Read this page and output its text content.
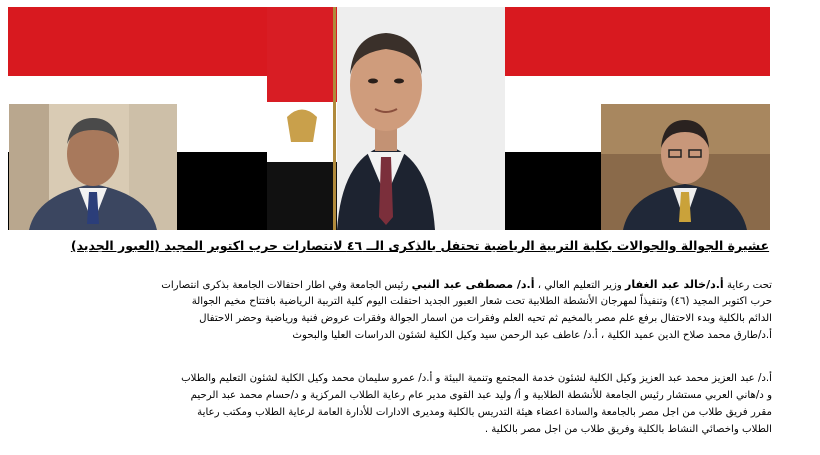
عشيرة الجوالة والجوالات بكلية التربية الرياضية تحتفل بالذكرى الــ ٤٦ لانتصارات حرب اكتوبر المجيد (العبور الجديد)
تحت رعاية أ.د/خالد عبد الغفار وزير التعليم العالي ، أ.د/ مصطفى عبد النبي رئيس الجامعة وفي اطار احتفالات الجامعة بذكرى انتصارات
حرب اكتوبر المجيد (٤٦) وتنفيذاً لمهرجان الأنشطة الطلابية تحت شعار العبور الجديد احتفلت اليوم كلية التربية الرياضية بافتتاح مخيم الجوالة
الدائم بالكلية وبدء الاحتفال برفع علم مصر بالمخيم ثم تحيه العلم وفقرات من اسمار الجوالة وفقرات عروض فنية ورياضية وحضر الاحتفال
أ.د/طارق محمد صلاح الدين عميد الكلية ، أ.د/ عاطف عبد الرحمن سيد وكيل الكلية لشئون الدراسات العليا والبحوث
أ.د/ عبد العزيز محمد عبد العزيز وكيل الكلية لشئون خدمة المجتمع وتنمية البيئة و أ.د/ عمرو سليمان محمد وكيل الكلية لشئون التعليم والطلاب
و د/هاني العربي مستشار رئيس الجامعة للأنشطة الطلابية و أ/ وليد عبد القوى مدير عام رعاية الطلاب المركزية و د/حسام محمد عبد الرحيم
مقرر فريق طلاب من اجل مصر بالجامعة والسادة اعضاء هيئة التدريس بالكلية ومديرى الادارات للأدارة العامة لرعاية الطلاب ومكتب رعاية
الطلاب واخصائي النشاط بالكلية وفريق طلاب من اجل مصر بالكلية .
